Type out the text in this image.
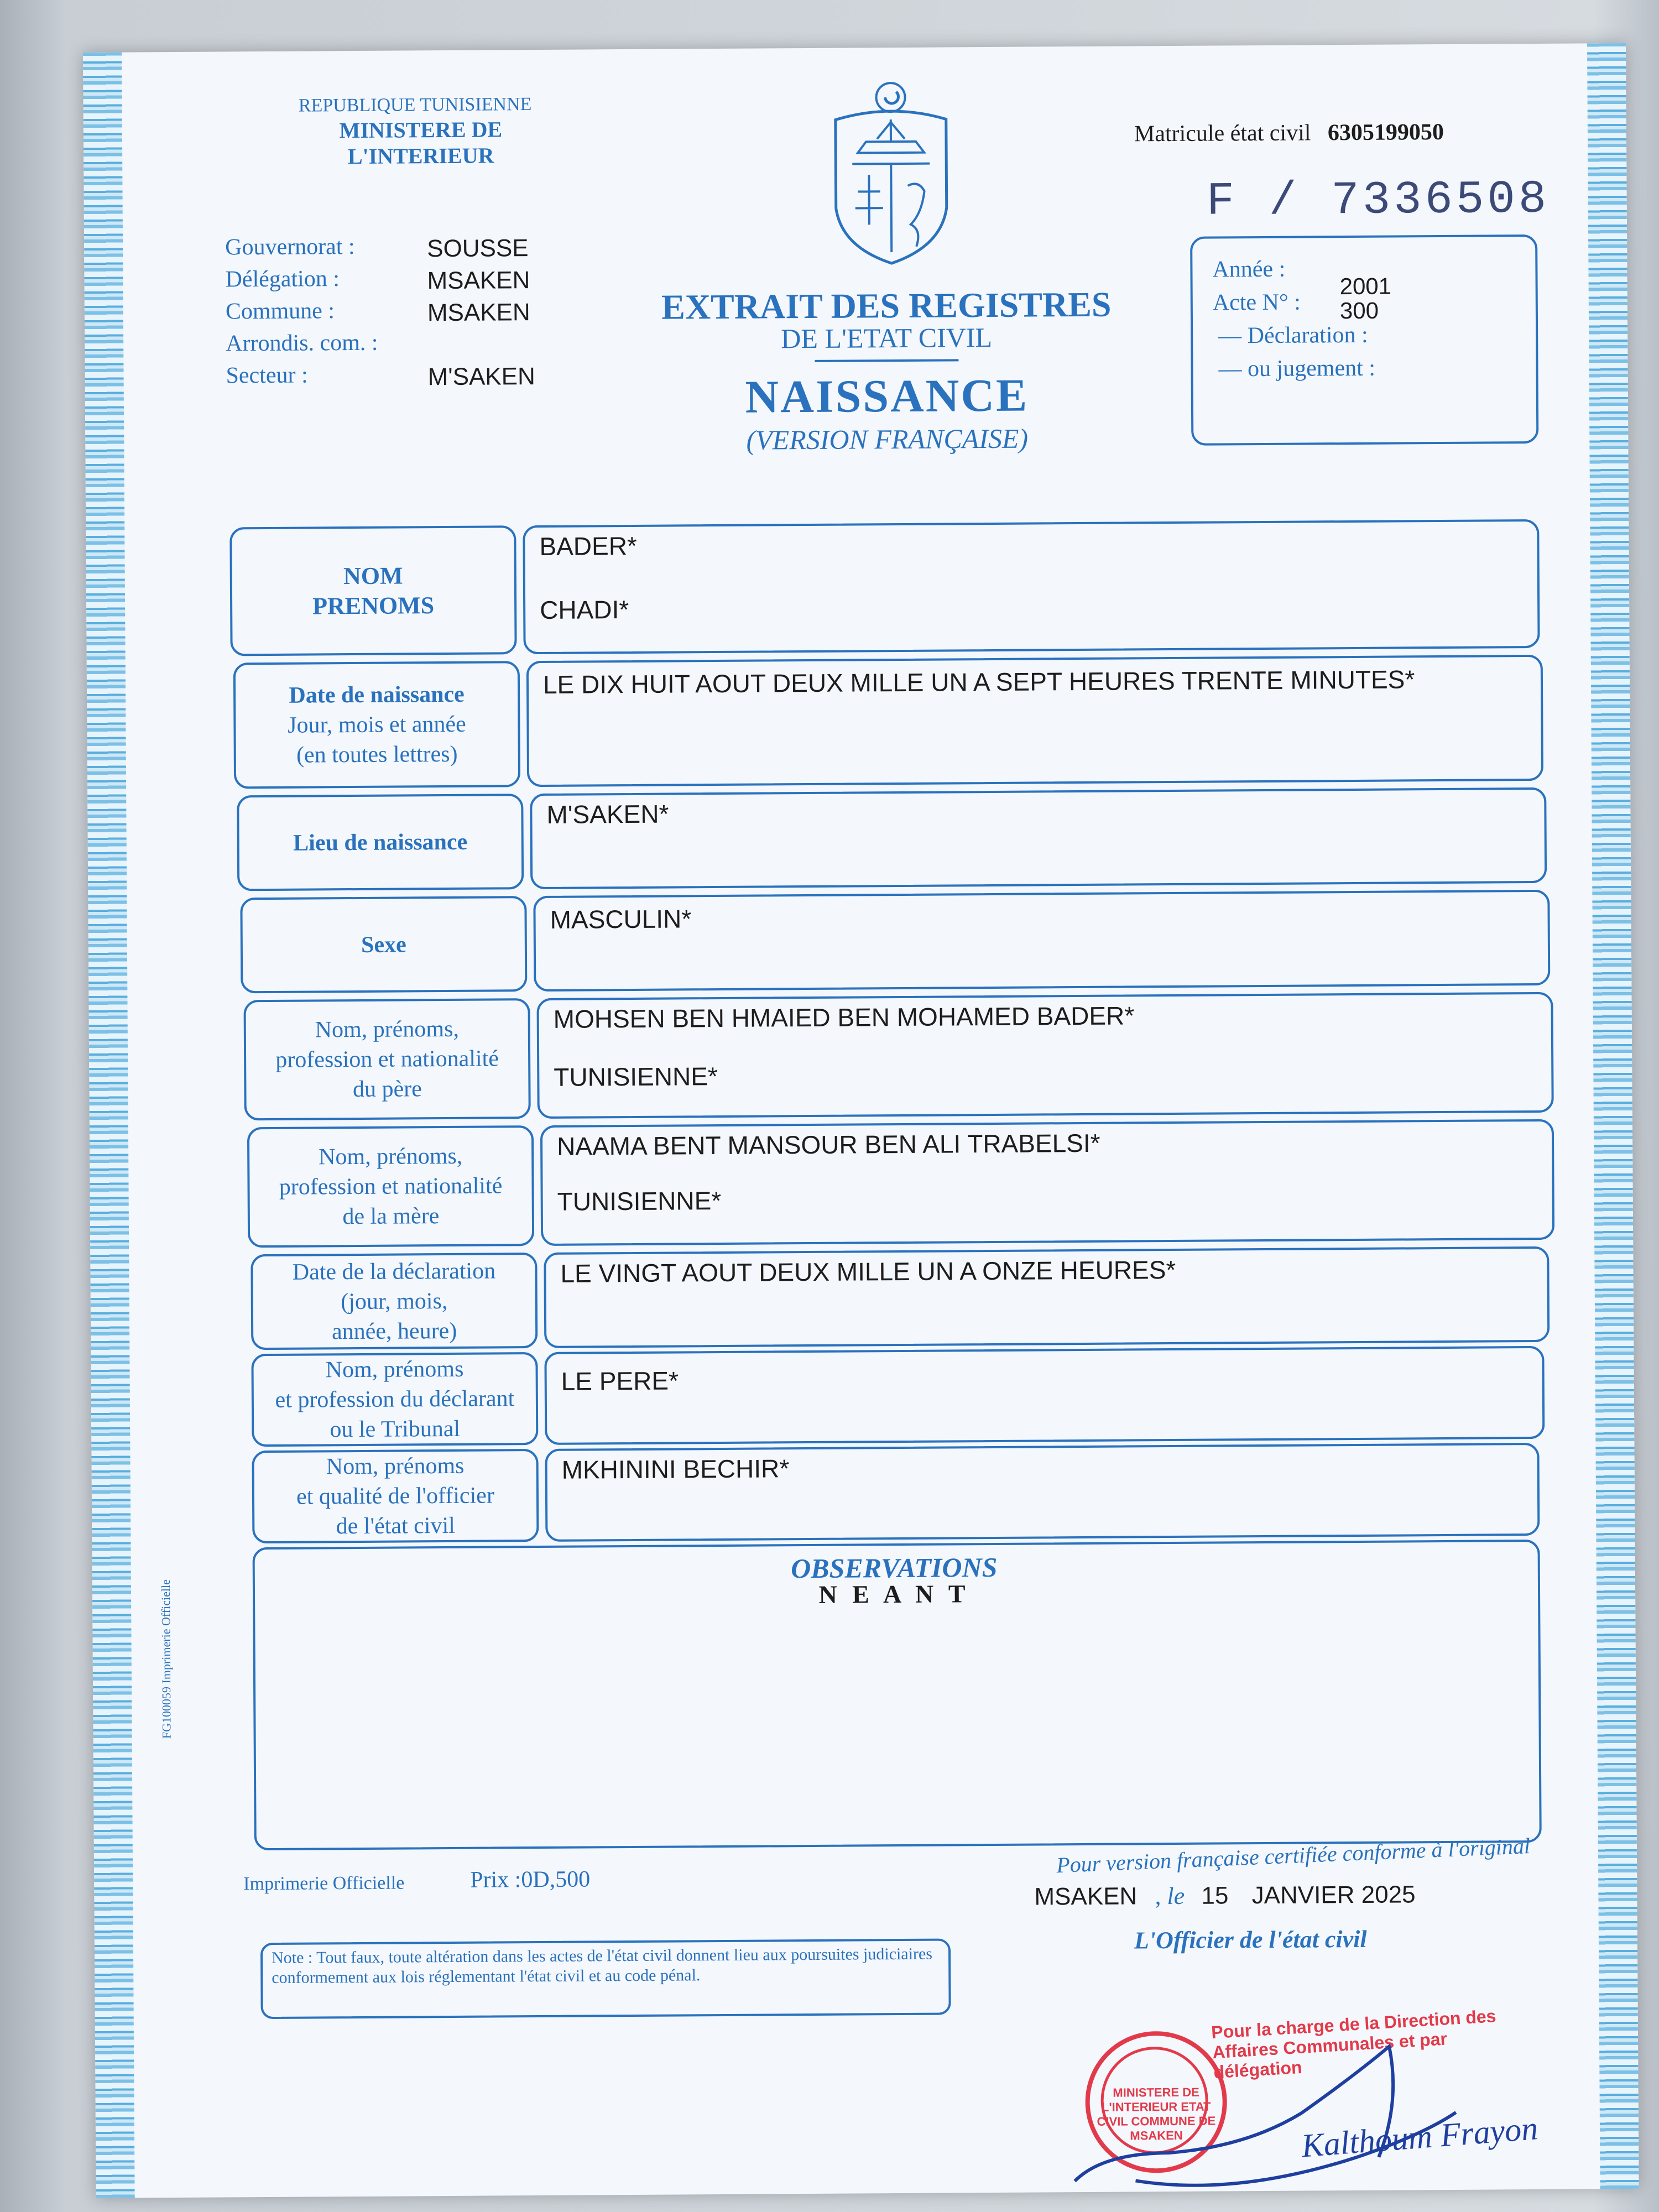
REPUBLIQUE TUNISIENNE
MINISTERE DE L'INTERIEUR
Matricule état civil 6305199050
F / 7336508
Gouvernorat :
Délégation :
Commune :
Arrondis. com. :
Secteur :
SOUSSE
MSAKEN
MSAKEN
M'SAKEN
EXTRAIT DES REGISTRES
DE L'ETAT CIVIL
NAISSANCE
(VERSION FRANÇAISE)
Année :
Acte N° :
— Déclaration :
— ou jugement :
2001
300
NOM
PRENOMS
BADER*
CHADI*
Date de naissance
Jour, mois et année
(en toutes lettres)
LE DIX HUIT AOUT DEUX MILLE UN A SEPT HEURES TRENTE MINUTES*
Lieu de naissance
M'SAKEN*
Sexe
MASCULIN*
Nom, prénoms,
profession et nationalité
du père
MOHSEN BEN HMAIED BEN MOHAMED BADER*
TUNISIENNE*
Nom, prénoms,
profession et nationalité
de la mère
NAAMA BENT MANSOUR BEN ALI TRABELSI*
TUNISIENNE*
Date de la déclaration
(jour, mois,
année, heure)
LE VINGT AOUT DEUX MILLE UN A ONZE HEURES*
Nom, prénoms
et profession du déclarant
ou le Tribunal
LE PERE*
Nom, prénoms
et qualité de l'officier
de l'état civil
MKHININI BECHIR*
OBSERVATIONS
N E A N T
FG100059 Imprimerie Officielle
Imprimerie Officielle	Prix :0D,500
Pour version française certifiée conforme à l'original
MSAKEN , le 15 JANVIER 2025
L'Officier de l'état civil
Note : Tout faux, toute altération dans les actes de l'état civil donnent lieu aux poursuites judiciaires conformement aux lois réglementant l'état civil et au code pénal.
MINISTERE DE L'INTERIEUR ETAT CIVIL COMMUNE DE MSAKEN
Pour la charge de la Direction des Affaires Communales et par délégation
Kalthoum Frayon
